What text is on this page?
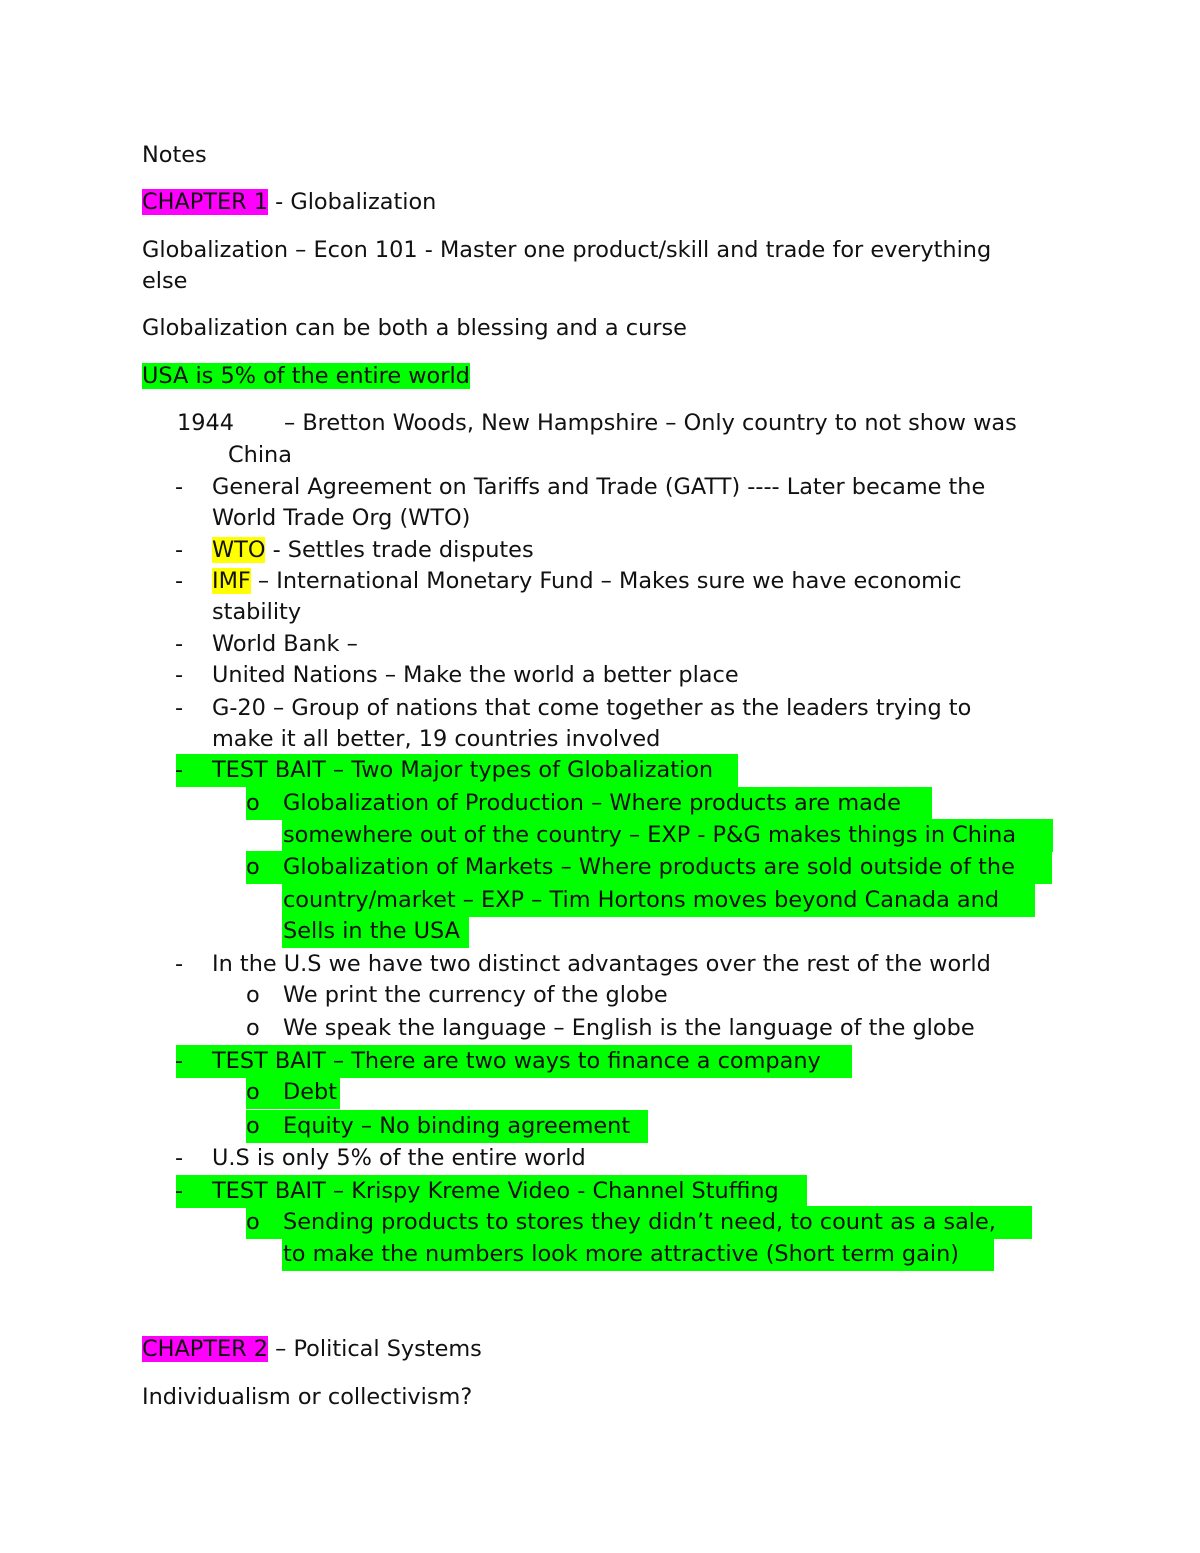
Notes
CHAPTER 1 - Globalization
Globalization – Econ 101 - Master one product/skill and trade for everything
else
Globalization can be both a blessing and a curse
USA is 5% of the entire world
1944 – Bretton Woods, New Hampshire – Only country to not show was
China
- General Agreement on Tariffs and Trade (GATT) ---- Later became the
World Trade Org (WTO)
- WTO - Settles trade disputes
- IMF – International Monetary Fund – Makes sure we have economic
stability
- World Bank –
- United Nations – Make the world a better place
- G-20 – Group of nations that come together as the leaders trying to
make it all better, 19 countries involved
- TEST BAIT – Two Major types of Globalization
o Globalization of Production – Where products are made
somewhere out of the country – EXP - P&G makes things in China
o Globalization of Markets – Where products are sold outside of the
country/market – EXP – Tim Hortons moves beyond Canada and
Sells in the USA
- In the U.S we have two distinct advantages over the rest of the world
o We print the currency of the globe
o We speak the language – English is the language of the globe
- TEST BAIT – There are two ways to finance a company
o Debt
o Equity – No binding agreement
- U.S is only 5% of the entire world
- TEST BAIT – Krispy Kreme Video - Channel Stuffing
o Sending products to stores they didn’t need, to count as a sale,
to make the numbers look more attractive (Short term gain)
CHAPTER 2 – Political Systems
Individualism or collectivism?
